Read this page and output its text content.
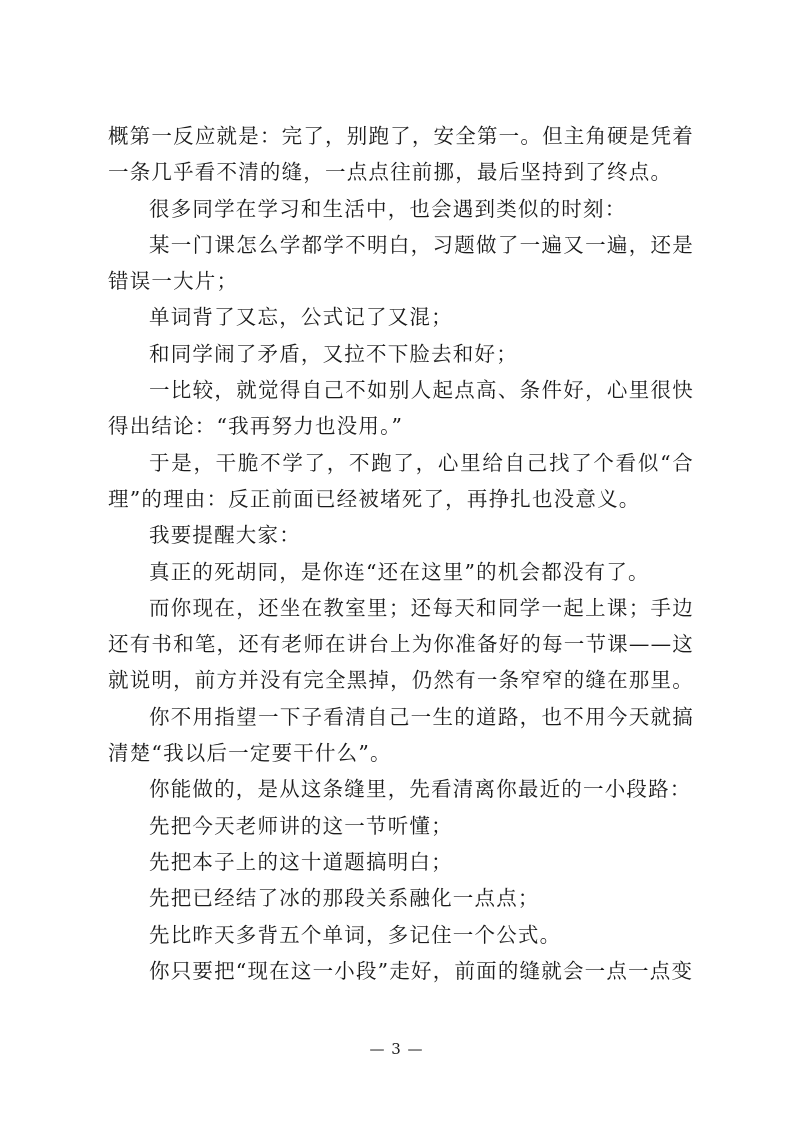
概第一反应就是：完了，别跑了，安全第一。但主角硬是凭着一条几乎看不清的缝，一点点往前挪，最后坚持到了终点。

很多同学在学习和生活中，也会遇到类似的时刻：

某一门课怎么学都学不明白，习题做了一遍又一遍，还是错误一大片；

单词背了又忘，公式记了又混；

和同学闹了矛盾，又拉不下脸去和好；

一比较，就觉得自己不如别人起点高、条件好，心里很快得出结论：“我再努力也没用。”

于是，干脆不学了，不跑了，心里给自己找了个看似“合理”的理由：反正前面已经被堵死了，再挣扎也没意义。

我要提醒大家：

真正的死胡同，是你连“还在这里”的机会都没有了。

而你现在，还坐在教室里；还每天和同学一起上课；手边还有书和笔，还有老师在讲台上为你准备好的每一节课——这就说明，前方并没有完全黑掉，仍然有一条窄窄的缝在那里。

你不用指望一下子看清自己一生的道路，也不用今天就搞清楚“我以后一定要干什么”。

你能做的，是从这条缝里，先看清离你最近的一小段路：

先把今天老师讲的这一节听懂；

先把本子上的这十道题搞明白；

先把已经结了冰的那段关系融化一点点；

先比昨天多背五个单词，多记住一个公式。

你只要把“现在这一小段”走好，前面的缝就会一点一点变

— 3 —
